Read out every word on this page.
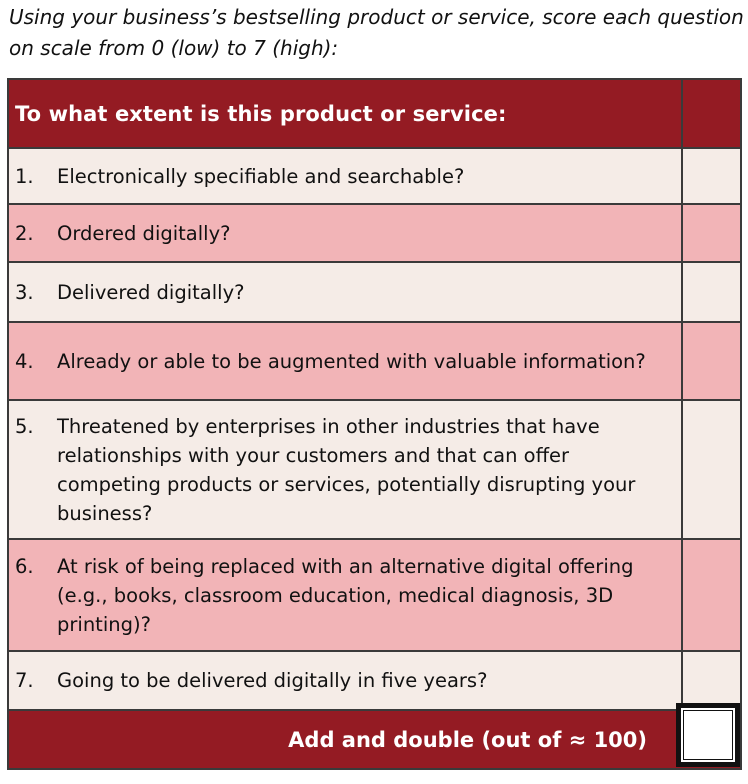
Using your business’s bestselling product or service, score each question on scale from 0 (low) to 7 (high):

To what extent is this product or service:
1.	Electronically specifiable and searchable?
2.	Ordered digitally?
3.	Delivered digitally?
4.	Already or able to be augmented with valuable information?
5.	Threatened by enterprises in other industries that have relationships with your customers and that can offer competing products or services, potentially disrupting your business?
6.	At risk of being replaced with an alternative digital offering (e.g., books, classroom education, medical diagnosis, 3D printing)?
7.	Going to be delivered digitally in five years?
Add and double (out of ≈ 100)
